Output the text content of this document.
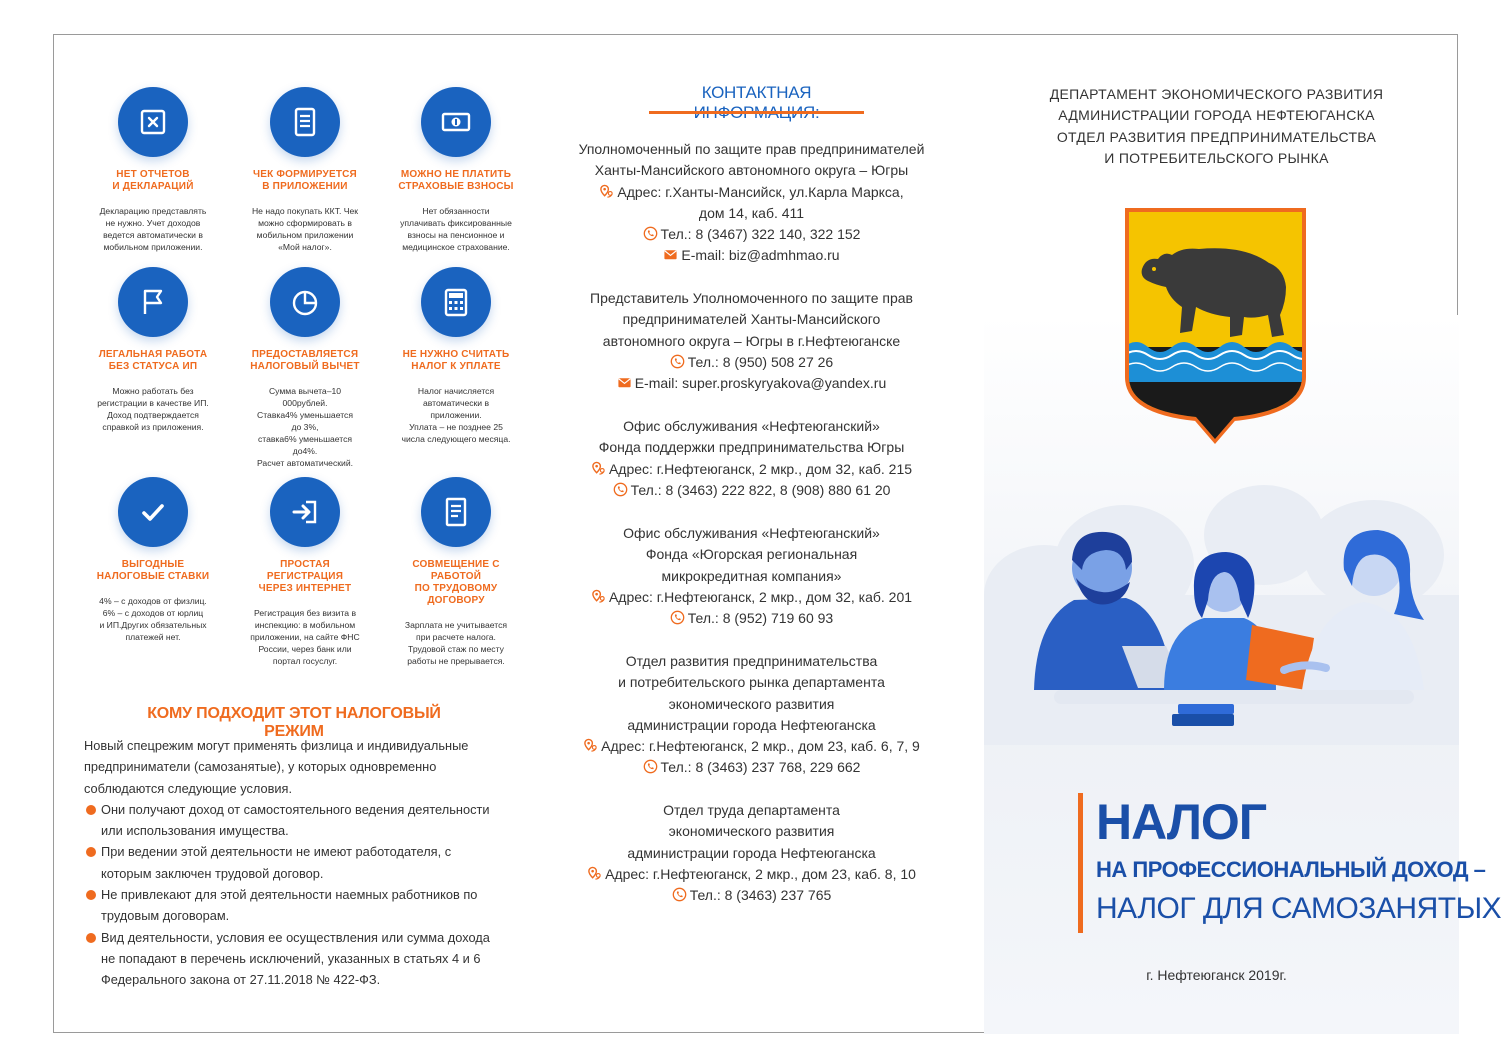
НЕТ ОТЧЕТОВ
И ДЕКЛАРАЦИЙ
Декларацию представлять
не нужно. Учет доходов
ведется автоматически в
мобильном приложении.
ЧЕК ФОРМИРУЕТСЯ
В ПРИЛОЖЕНИИ
Не надо покупать ККТ. Чек
можно сформировать в
мобильном приложении
«Мой налог».
МОЖНО НЕ ПЛАТИТЬ
СТРАХОВЫЕ ВЗНОСЫ
Нет обязанности
уплачивать фиксированные
взносы на пенсионное и
медицинское страхование.
ЛЕГАЛЬНАЯ РАБОТА
БЕЗ СТАТУСА ИП
Можно работать без
регистрации в качестве ИП.
Доход подтверждается
справкой из приложения.
ПРЕДОСТАВЛЯЕТСЯ
НАЛОГОВЫЙ ВЫЧЕТ
Сумма вычета–10
000рублей.
Ставка4% уменьшается
до 3%,
ставка6% уменьшается
до4%.
Расчет автоматический.
НЕ НУЖНО СЧИТАТЬ
НАЛОГ К УПЛАТЕ
Налог начисляется
автоматически в
приложении.
Уплата – не позднее 25
числа следующего месяца.
ВЫГОДНЫЕ
НАЛОГОВЫЕ СТАВКИ
4% – с доходов от физлиц.
6% – с доходов от юрлиц
и ИП.Других обязательных
платежей нет.
ПРОСТАЯ
РЕГИСТРАЦИЯ
ЧЕРЕЗ ИНТЕРНЕТ
Регистрация без визита в
инспекцию: в мобильном
приложении, на сайте ФНС
России, через банк или
портал госуслуг.
СОВМЕЩЕНИЕ С
РАБОТОЙ
ПО ТРУДОВОМУ
ДОГОВОРУ
Зарплата не учитывается
при расчете налога.
Трудовой стаж по месту
работы не прерывается.
КОМУ ПОДХОДИТ ЭТОТ НАЛОГОВЫЙ РЕЖИМ
Новый спецрежим могут применять физлица и индивидуальные предприниматели (самозанятые), у которых одновременно соблюдаются следующие условия.
Они получают доход от самостоятельного ведения деятельности или использования имущества.
При ведении этой деятельности не имеют работодателя, с которым заключен трудовой договор.
Не привлекают для этой деятельности наемных работников по трудовым договорам.
Вид деятельности, условия ее осуществления или сумма дохода не попадают в перечень исключений, указанных в статьях 4 и 6 Федерального закона от 27.11.2018 № 422-ФЗ.
КОНТАКТНАЯ
Уполномоченный по защите прав предпринимателей
Ханты-Мансийского автономного округа – Югры
Адрес: г.Ханты-Мансийск, ул.Карла Маркса,
дом 14, каб. 411
Тел.: 8 (3467) 322 140, 322 152
E-mail: biz@admhmao.ru
Представитель Уполномоченного по защите прав
предпринимателей Ханты-Мансийского
автономного округа – Югры в г.Нефтеюганске
Тел.: 8 (950) 508 27 26
E-mail: super.proskyryakova@yandex.ru
Офис обслуживания «Нефтеюганский»
Фонда поддержки предпринимательства Югры
Адрес: г.Нефтеюганск, 2 мкр., дом 32, каб. 215
Тел.: 8 (3463) 222 822, 8 (908) 880 61 20
Офис обслуживания «Нефтеюганский»
Фонда «Югорская региональная
микрокредитная компания»
Адрес: г.Нефтеюганск, 2 мкр., дом 32, каб. 201
Тел.: 8 (952) 719 60 93
Отдел развития предпринимательства
и потребительского рынка департамента
экономического развития
администрации города Нефтеюганска
Адрес: г.Нефтеюганск, 2 мкр., дом 23, каб. 6, 7, 9
Тел.: 8 (3463) 237 768, 229 662
Отдел труда департамента
экономического развития
администрации города Нефтеюганска
Адрес: г.Нефтеюганск, 2 мкр., дом 23, каб. 8, 10
Тел.: 8 (3463) 237 765
ДЕПАРТАМЕНТ ЭКОНОМИЧЕСКОГО РАЗВИТИЯ
АДМИНИСТРАЦИИ ГОРОДА НЕФТЕЮГАНСКА
ОТДЕЛ РАЗВИТИЯ ПРЕДПРИНИМАТЕЛЬСТВА
И ПОТРЕБИТЕЛЬСКОГО РЫНКА
НАЛОГ
НА ПРОФЕССИОНАЛЬНЫЙ ДОХОД –
НАЛОГ ДЛЯ САМОЗАНЯТЫХ
г. Нефтеюганск 2019г.
